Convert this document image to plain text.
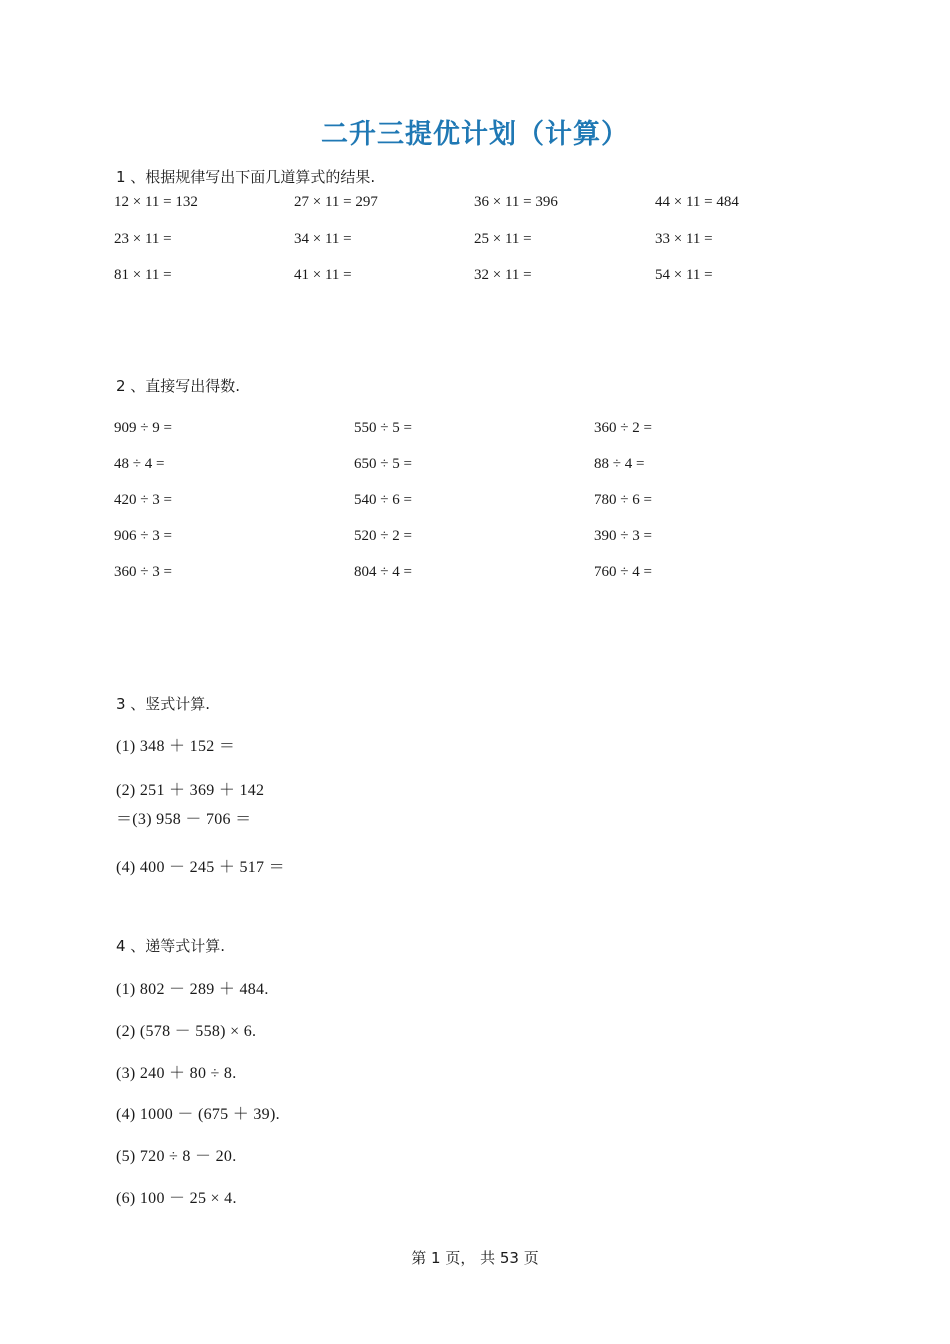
二升三提优计划（计算）
1 、根据规律写出下面几道算式的结果.
12 × 11 = 132	27 × 11 = 297	36 × 11 = 396	44 × 11 = 484
23 × 11 =	34 × 11 =	25 × 11 =	33 × 11 =
81 × 11 =	41 × 11 =	32 × 11 =	54 × 11 =
2 、直接写出得数.
909 ÷ 9 =	550 ÷ 5 =	360 ÷ 2 =
48 ÷ 4 =	650 ÷ 5 =	88 ÷ 4 =
420 ÷ 3 =	540 ÷ 6 =	780 ÷ 6 =
906 ÷ 3 =	520 ÷ 2 =	390 ÷ 3 =
360 ÷ 3 =	804 ÷ 4 =	760 ÷ 4 =
3 、竖式计算.
(1) 348 ＋ 152 ＝
(2) 251 ＋ 369 ＋ 142
＝(3) 958 － 706 ＝
(4) 400 － 245 ＋ 517 ＝
4 、递等式计算.
(1) 802 － 289 ＋ 484.
(2) (578 － 558) × 6.
(3) 240 ＋ 80 ÷ 8.
(4) 1000 － (675 ＋ 39).
(5) 720 ÷ 8 － 20.
(6) 100 － 25 × 4.
第 1 页， 共 53 页
